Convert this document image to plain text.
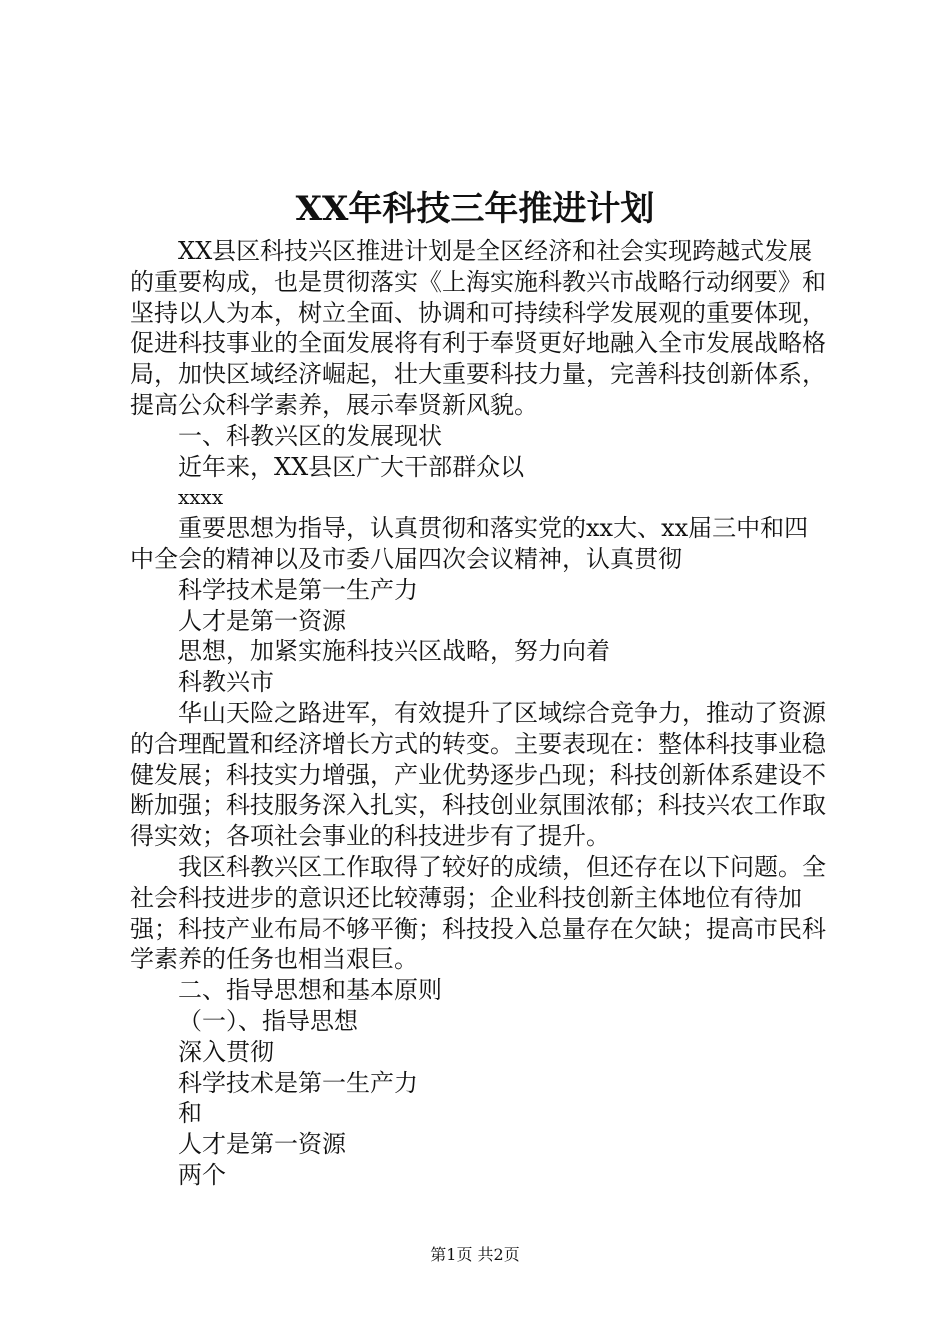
XX年科技三年推进计划

XX县区科技兴区推进计划是全区经济和社会实现跨越式发展的重要构成，也是贯彻落实《上海实施科教兴市战略行动纲要》和坚持以人为本，树立全面、协调和可持续科学发展观的重要体现，促进科技事业的全面发展将有利于奉贤更好地融入全市发展战略格局，加快区域经济崛起，壮大重要科技力量，完善科技创新体系，提高公众科学素养，展示奉贤新风貌。

一、科教兴区的发展现状

近年来，XX县区广大干部群众以

xxxx

重要思想为指导，认真贯彻和落实党的xx大、xx届三中和四中全会的精神以及市委八届四次会议精神，认真贯彻

科学技术是第一生产力

人才是第一资源

思想，加紧实施科技兴区战略，努力向着

科教兴市

华山天险之路进军，有效提升了区域综合竞争力，推动了资源的合理配置和经济增长方式的转变。主要表现在：整体科技事业稳健发展；科技实力增强，产业优势逐步凸现；科技创新体系建设不断加强；科技服务深入扎实，科技创业氛围浓郁；科技兴农工作取得实效；各项社会事业的科技进步有了提升。

我区科教兴区工作取得了较好的成绩，但还存在以下问题。全社会科技进步的意识还比较薄弱；企业科技创新主体地位有待加强；科技产业布局不够平衡；科技投入总量存在欠缺；提高市民科学素养的任务也相当艰巨。

二、指导思想和基本原则

（一）、指导思想

深入贯彻

科学技术是第一生产力

和

人才是第一资源

两个

第1页 共2页
